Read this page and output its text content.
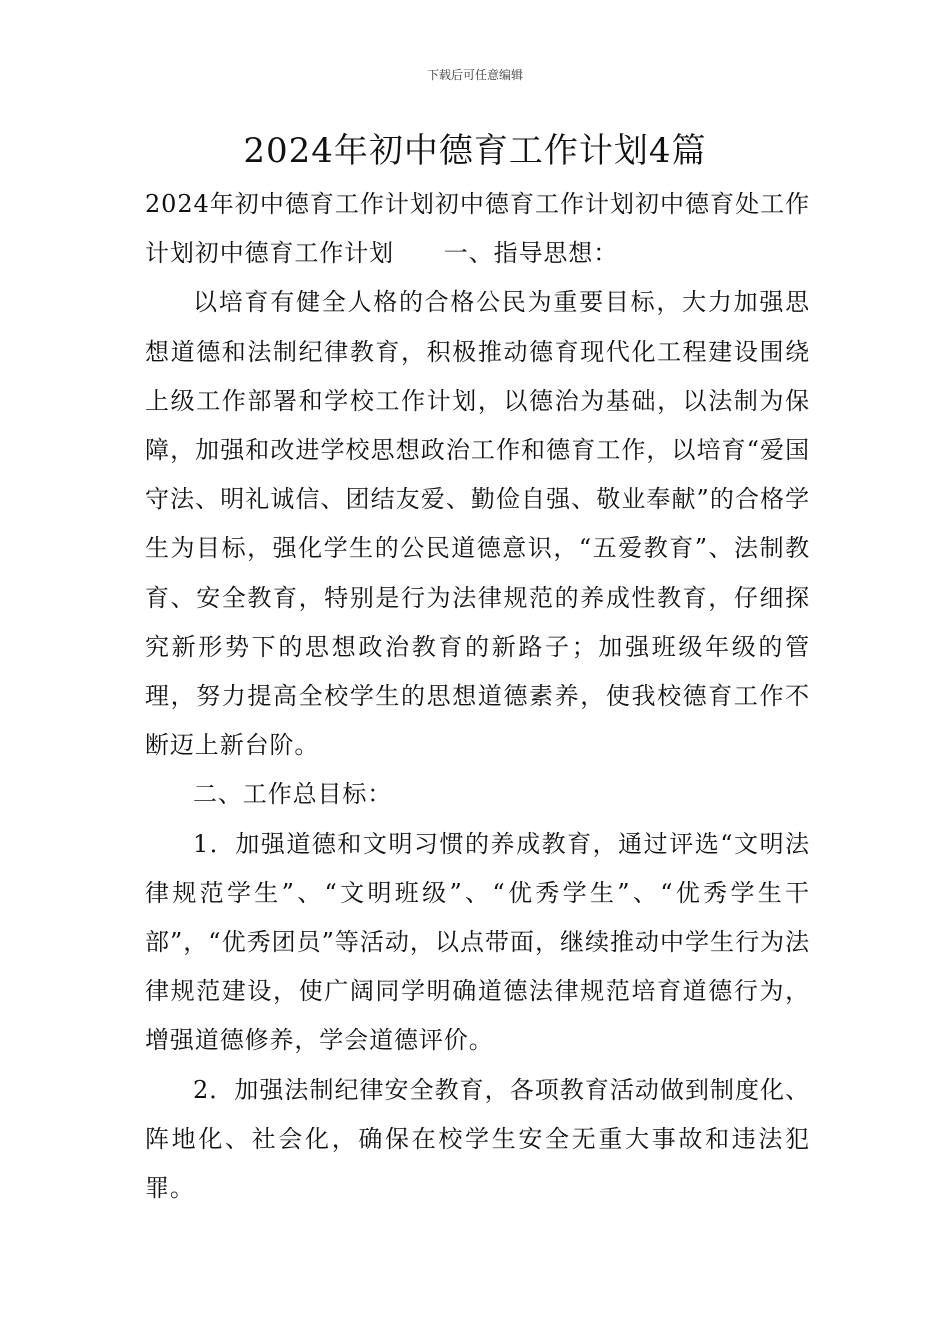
下载后可任意编辑
2024年初中德育工作计划4篇

2024年初中德育工作计划初中德育工作计划初中德育处工作计划初中德育工作计划　　一、指导思想：

以培育有健全人格的合格公民为重要目标，大力加强思想道德和法制纪律教育，积极推动德育现代化工程建设围绕上级工作部署和学校工作计划，以德治为基础，以法制为保障，加强和改进学校思想政治工作和德育工作，以培育“爱国守法、明礼诚信、团结友爱、勤俭自强、敬业奉献”的合格学生为目标，强化学生的公民道德意识，“五爱教育”、法制教育、安全教育，特别是行为法律规范的养成性教育，仔细探究新形势下的思想政治教育的新路子；加强班级年级的管理，努力提高全校学生的思想道德素养，使我校德育工作不断迈上新台阶。

二、工作总目标：

1．加强道德和文明习惯的养成教育，通过评选“文明法律规范学生”、“文明班级”、“优秀学生”、“优秀学生干部”，“优秀团员”等活动，以点带面，继续推动中学生行为法律规范建设，使广阔同学明确道德法律规范培育道德行为，增强道德修养，学会道德评价。

2．加强法制纪律安全教育，各项教育活动做到制度化、阵地化、社会化，确保在校学生安全无重大事故和违法犯罪。
